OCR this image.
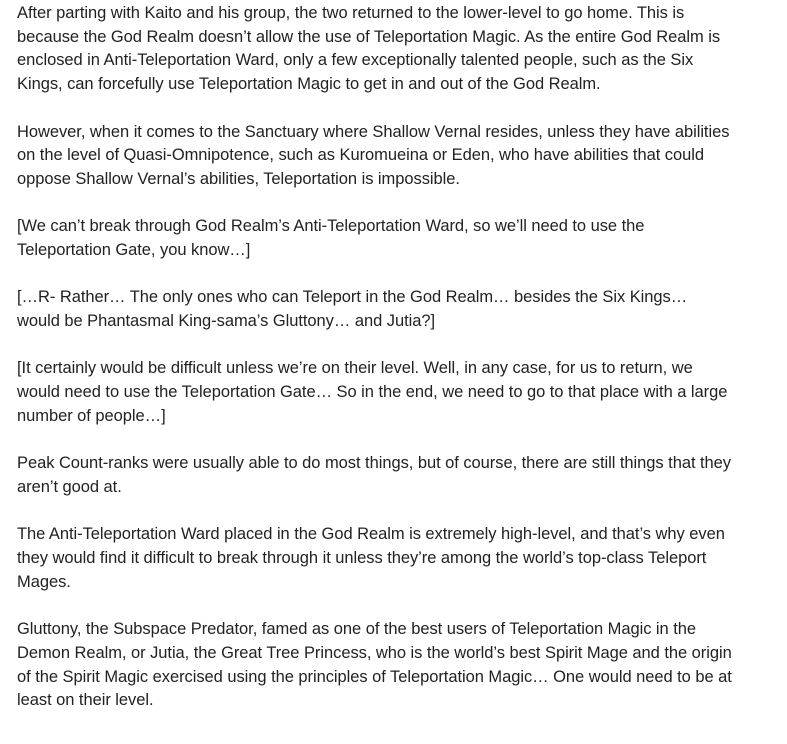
After parting with Kaito and his group, the two returned to the lower-level to go home. This is because the God Realm doesn’t allow the use of Teleportation Magic. As the entire God Realm is enclosed in Anti-Teleportation Ward, only a few exceptionally talented people, such as the Six Kings, can forcefully use Teleportation Magic to get in and out of the God Realm.

However, when it comes to the Sanctuary where Shallow Vernal resides, unless they have abilities on the level of Quasi-Omnipotence, such as Kuromueina or Eden, who have abilities that could oppose Shallow Vernal’s abilities, Teleportation is impossible.

[We can’t break through God Realm’s Anti-Teleportation Ward, so we’ll need to use the Teleportation Gate, you know…]

[…R- Rather… The only ones who can Teleport in the God Realm… besides the Six Kings… would be Phantasmal King-sama’s Gluttony… and Jutia?]

[It certainly would be difficult unless we’re on their level. Well, in any case, for us to return, we would need to use the Teleportation Gate… So in the end, we need to go to that place with a large number of people…]

Peak Count-ranks were usually able to do most things, but of course, there are still things that they aren’t good at.

The Anti-Teleportation Ward placed in the God Realm is extremely high-level, and that’s why even they would find it difficult to break through it unless they’re among the world’s top-class Teleport Mages.

Gluttony, the Subspace Predator, famed as one of the best users of Teleportation Magic in the Demon Realm, or Jutia, the Great Tree Princess, who is the world’s best Spirit Mage and the origin of the Spirit Magic exercised using the principles of Teleportation Magic… One would need to be at least on their level.
